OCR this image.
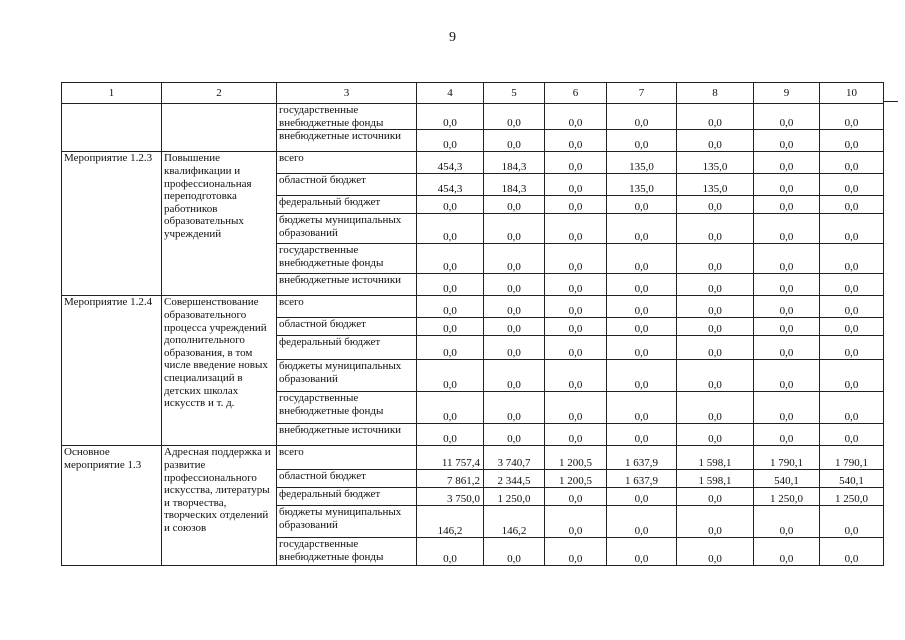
9
1	2	3	4	5	6	7	8	9	10
		государственные внебюджетные фонды	0,0	0,0	0,0	0,0	0,0	0,0	0,0
		внебюджетные источники	0,0	0,0	0,0	0,0	0,0	0,0	0,0
Мероприятие 1.2.3	Повышение квалификации и профессиональная переподготовка работников образовательных учреждений	всего	454,3	184,3	0,0	135,0	135,0	0,0	0,0
		областной бюджет	454,3	184,3	0,0	135,0	135,0	0,0	0,0
		федеральный бюджет	0,0	0,0	0,0	0,0	0,0	0,0	0,0
		бюджеты муниципальных образований	0,0	0,0	0,0	0,0	0,0	0,0	0,0
		государственные внебюджетные фонды	0,0	0,0	0,0	0,0	0,0	0,0	0,0
		внебюджетные источники	0,0	0,0	0,0	0,0	0,0	0,0	0,0
Мероприятие 1.2.4	Совершенствование образовательного процесса учреждений дополнительного образования, в том числе введение новых специализаций в детских школах искусств и т. д.	всего	0,0	0,0	0,0	0,0	0,0	0,0	0,0
		областной бюджет	0,0	0,0	0,0	0,0	0,0	0,0	0,0
		федеральный бюджет	0,0	0,0	0,0	0,0	0,0	0,0	0,0
		бюджеты муниципальных образований	0,0	0,0	0,0	0,0	0,0	0,0	0,0
		государственные внебюджетные фонды	0,0	0,0	0,0	0,0	0,0	0,0	0,0
		внебюджетные источники	0,0	0,0	0,0	0,0	0,0	0,0	0,0
Основное мероприятие 1.3	Адресная поддержка и развитие профессионального искусства, литературы и творчества, творческих отделений и союзов	всего	11 757,4	3 740,7	1 200,5	1 637,9	1 598,1	1 790,1	1 790,1
		областной бюджет	7 861,2	2 344,5	1 200,5	1 637,9	1 598,1	540,1	540,1
		федеральный бюджет	3 750,0	1 250,0	0,0	0,0	0,0	1 250,0	1 250,0
		бюджеты муниципальных образований	146,2	146,2	0,0	0,0	0,0	0,0	0,0
		государственные внебюджетные фонды	0,0	0,0	0,0	0,0	0,0	0,0	0,0
